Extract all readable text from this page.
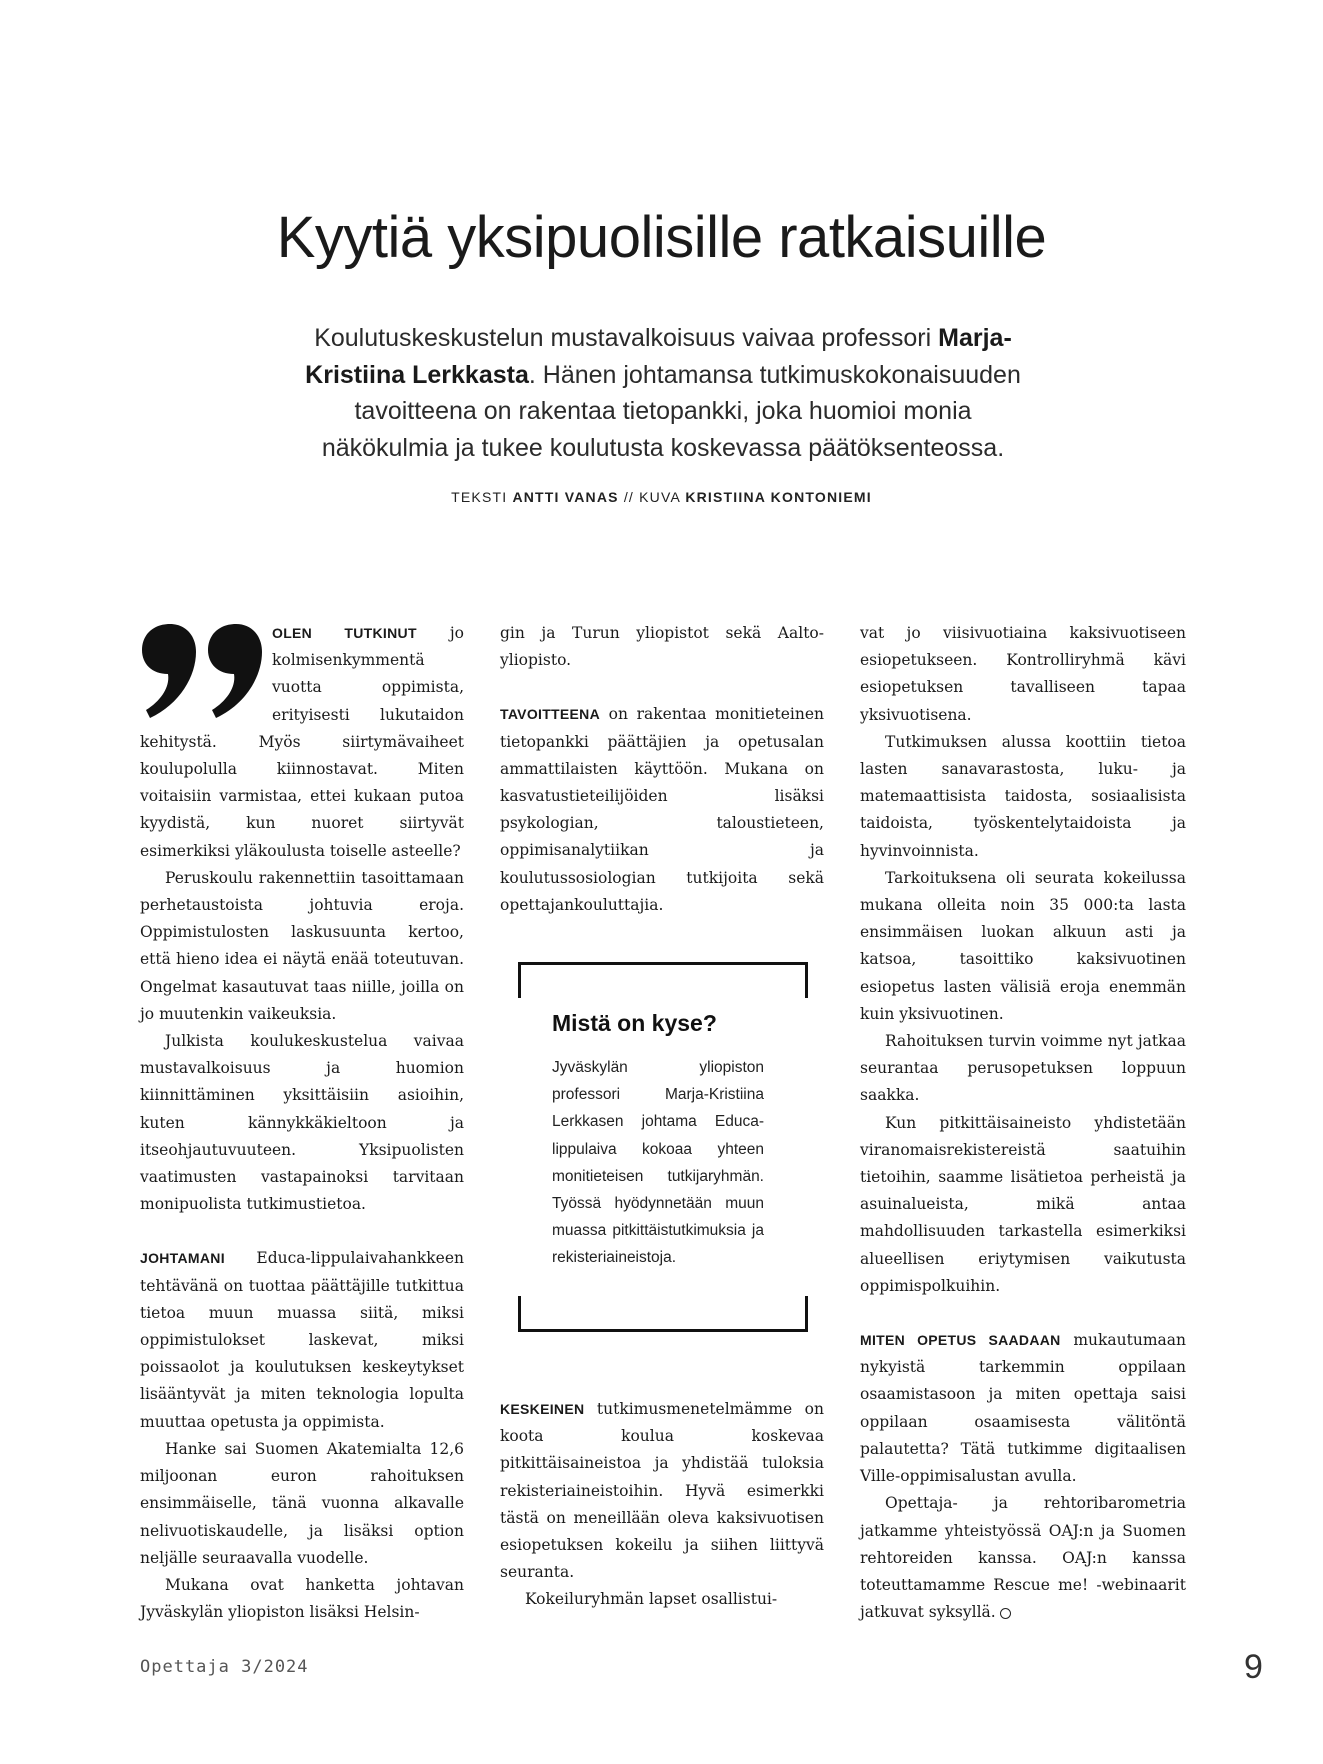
Kyytiä yksipuolisille ratkaisuille

Koulutuskeskustelun mustavalkoisuus vaivaa professori Marja-Kristiina Lerkkasta. Hänen johtamansa tutkimuskokonaisuuden tavoitteena on rakentaa tietopankki, joka huomioi monia näkökulmia ja tukee koulutusta koskevassa päätöksenteossa.

TEKSTI ANTTI VANAS // KUVA KRISTIINA KONTONIEMI

OLEN TUTKINUT jo kolmisenkymmentä vuotta oppimista, erityisesti lukutaidon kehitystä. Myös siirtymävaiheet koulupolulla kiinnostavat. Miten voitaisiin varmistaa, ettei kukaan putoa kyydistä, kun nuoret siirtyvät esimerkiksi yläkoulusta toiselle asteelle?

Peruskoulu rakennettiin tasoittamaan perhetaustoista johtuvia eroja. Oppimistulosten laskusuunta kertoo, että hieno idea ei näytä enää toteutuvan. Ongelmat kasautuvat taas niille, joilla on jo muutenkin vaikeuksia.

Julkista koulukeskustelua vaivaa mustavalkoisuus ja huomion kiinnittäminen yksittäisiin asioihin, kuten kännykkäkieltoon ja itseohjautuvuuteen. Yksipuolisten vaatimusten vastapainoksi tarvitaan monipuolista tutkimustietoa.

JOHTAMANI Educa-lippulaivahankkeen tehtävänä on tuottaa päättäjille tutkittua tietoa muun muassa siitä, miksi oppimistulokset laskevat, miksi poissaolot ja koulutuksen keskeytykset lisääntyvät ja miten teknologia lopulta muuttaa opetusta ja oppimista.

Hanke sai Suomen Akatemialta 12,6 miljoonan euron rahoituksen ensimmäiselle, tänä vuonna alkavalle nelivuotiskaudelle, ja lisäksi option neljälle seuraavalla vuodelle.

Mukana ovat hanketta johtavan Jyväskylän yliopiston lisäksi Helsin-

gin ja Turun yliopistot sekä Aalto-yliopisto.

TAVOITTEENA on rakentaa monitieteinen tietopankki päättäjien ja opetusalan ammattilaisten käyttöön. Mukana on kasvatustieteilijöiden lisäksi psykologian, taloustieteen, oppimisanalytiikan ja koulutussosiologian tutkijoita sekä opettajankouluttajia.

Mistä on kyse?

Jyväskylän yliopiston professori Marja-Kristiina Lerkkasen johtama Educa-lippulaiva kokoaa yhteen monitieteisen tutkijaryhmän. Työssä hyödynnetään muun muassa pitkittäistutkimuksia ja rekisteriaineistoja.

KESKEINEN tutkimusmenetelmämme on koota koulua koskevaa pitkittäisaineistoa ja yhdistää tuloksia rekisteriaineistoihin. Hyvä esimerkki tästä on meneillään oleva kaksivuotisen esiopetuksen kokeilu ja siihen liittyvä seuranta.

Kokeiluryhmän lapset osallistui-

vat jo viisivuotiaina kaksivuotiseen esiopetukseen. Kontrolliryhmä kävi esiopetuksen tavalliseen tapaa yksivuotisena.

Tutkimuksen alussa koottiin tietoa lasten sanavarastosta, luku- ja matemaattisista taidosta, sosiaalisista taidoista, työskentelytaidoista ja hyvinvoinnista.

Tarkoituksena oli seurata kokeilussa mukana olleita noin 35 000:ta lasta ensimmäisen luokan alkuun asti ja katsoa, tasoittiko kaksivuotinen esiopetus lasten välisiä eroja enemmän kuin yksivuotinen.

Rahoituksen turvin voimme nyt jatkaa seurantaa perusopetuksen loppuun saakka.

Kun pitkittäisaineisto yhdistetään viranomaisrekistereistä saatuihin tietoihin, saamme lisätietoa perheistä ja asuinalueista, mikä antaa mahdollisuuden tarkastella esimerkiksi alueellisen eriytymisen vaikutusta oppimispolkuihin.

MITEN OPETUS SAADAAN mukautumaan nykyistä tarkemmin oppilaan osaamistasoon ja miten opettaja saisi oppilaan osaamisesta välitöntä palautetta? Tätä tutkimme digitaalisen Ville-oppimisalustan avulla.

Opettaja- ja rehtoribarometria jatkamme yhteistyössä OAJ:n ja Suomen rehtoreiden kanssa. OAJ:n kanssa toteuttamamme Rescue me! -webinaarit jatkuvat syksyllä.

Opettaja 3/2024	9
